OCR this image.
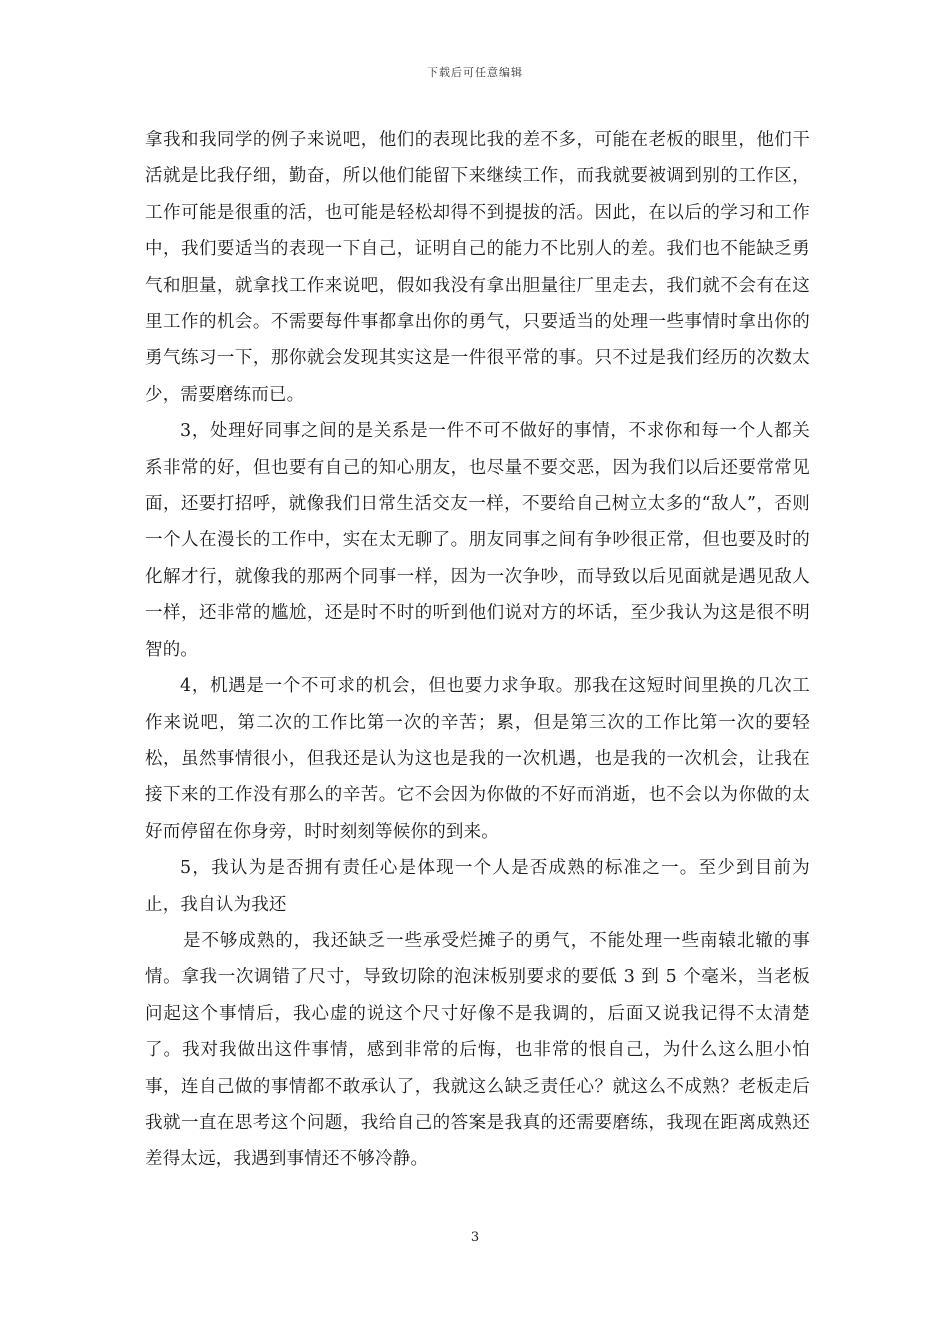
下载后可任意编辑

拿我和我同学的例子来说吧，他们的表现比我的差不多，可能在老板的眼里，他们干活就是比我仔细，勤奋，所以他们能留下来继续工作，而我就要被调到别的工作区，工作可能是很重的活，也可能是轻松却得不到提拔的活。因此，在以后的学习和工作中，我们要适当的表现一下自己，证明自己的能力不比别人的差。我们也不能缺乏勇气和胆量，就拿找工作来说吧，假如我没有拿出胆量往厂里走去，我们就不会有在这里工作的机会。不需要每件事都拿出你的勇气，只要适当的处理一些事情时拿出你的勇气练习一下，那你就会发现其实这是一件很平常的事。只不过是我们经历的次数太少，需要磨练而已。

3，处理好同事之间的是关系是一件不可不做好的事情，不求你和每一个人都关系非常的好，但也要有自己的知心朋友，也尽量不要交恶，因为我们以后还要常常见面，还要打招呼，就像我们日常生活交友一样，不要给自己树立太多的“敌人”，否则一个人在漫长的工作中，实在太无聊了。朋友同事之间有争吵很正常，但也要及时的化解才行，就像我的那两个同事一样，因为一次争吵，而导致以后见面就是遇见敌人一样，还非常的尴尬，还是时不时的听到他们说对方的坏话，至少我认为这是很不明智的。

4，机遇是一个不可求的机会，但也要力求争取。那我在这短时间里换的几次工作来说吧，第二次的工作比第一次的辛苦；累，但是第三次的工作比第一次的要轻松，虽然事情很小，但我还是认为这也是我的一次机遇，也是我的一次机会，让我在接下来的工作没有那么的辛苦。它不会因为你做的不好而消逝，也不会以为你做的太好而停留在你身旁，时时刻刻等候你的到来。

5，我认为是否拥有责任心是体现一个人是否成熟的标准之一。至少到目前为止，我自认为我还

是不够成熟的，我还缺乏一些承受烂摊子的勇气，不能处理一些南辕北辙的事情。拿我一次调错了尺寸，导致切除的泡沫板别要求的要低 3 到 5 个毫米，当老板问起这个事情后，我心虚的说这个尺寸好像不是我调的，后面又说我记得不太清楚了。我对我做出这件事情，感到非常的后悔，也非常的恨自己，为什么这么胆小怕事，连自己做的事情都不敢承认了，我就这么缺乏责任心？就这么不成熟？老板走后我就一直在思考这个问题，我给自己的答案是我真的还需要磨练，我现在距离成熟还差得太远，我遇到事情还不够冷静。

3
